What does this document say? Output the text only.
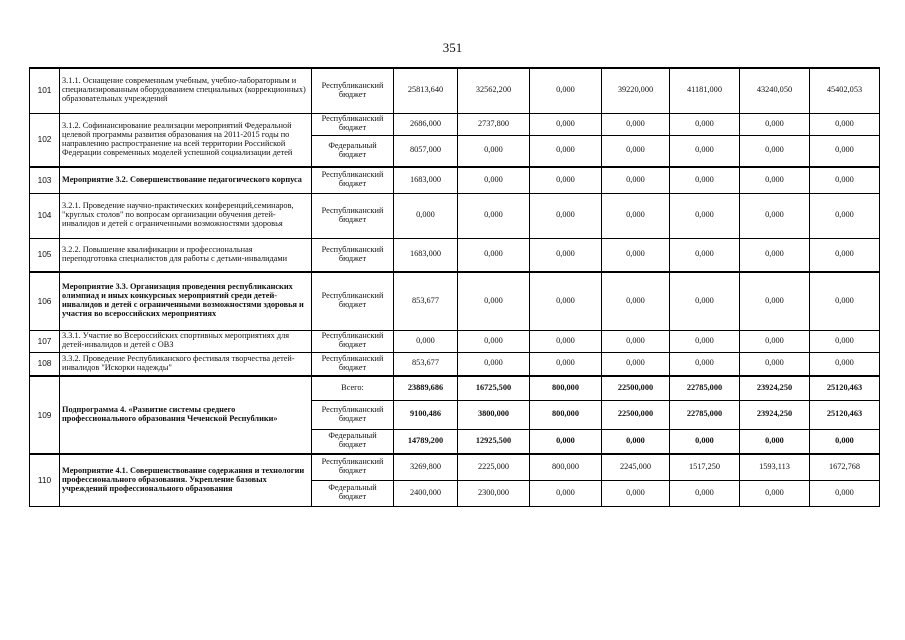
351
101	3.1.1. Оснащение современным учебным, учебно-лабораторным и специализированным оборудованием специальных (коррекционных) образовательных учреждений	Республиканский бюджет	25813,640	32562,200	0,000	39220,000	41181,000	43240,050	45402,053
102	3.1.2. Софинансирование реализации мероприятий Федеральной целевой программы развития образования на 2011-2015 годы по направлению распространение на всей территории Российской Федерации современных моделей успешной социализации детей	Республиканский бюджет	2686,000	2737,800	0,000	0,000	0,000	0,000	0,000
		Федеральный бюджет	8057,000	0,000	0,000	0,000	0,000	0,000	0,000
103	Мероприятие 3.2. Совершенствование педагогического корпуса	Республиканский бюджет	1683,000	0,000	0,000	0,000	0,000	0,000	0,000
104	3.2.1. Проведение научно-практических конференций,семинаров, "круглых столов" по вопросам организации обучения детей-инвалидов и детей с ограниченными возможностями здоровья	Республиканский бюджет	0,000	0,000	0,000	0,000	0,000	0,000	0,000
105	3.2.2. Повышение квалификации и профессиональная переподготовка специалистов для работы с детьми-инвалидами	Республиканский бюджет	1683,000	0,000	0,000	0,000	0,000	0,000	0,000
106	Мероприятие 3.3. Организация проведения республиканских олимпиад и иных конкурсных мероприятий среди детей-инвалидов и детей с ограниченными возможностями здоровья и участия во всероссийских мероприятиях	Республиканский бюджет	853,677	0,000	0,000	0,000	0,000	0,000	0,000
107	3.3.1. Участие во Всероссийских спортивных мероприятиях для детей-инвалидов и детей с ОВЗ	Республиканский бюджет	0,000	0,000	0,000	0,000	0,000	0,000	0,000
108	3.3.2. Проведение Республиканского фестиваля творчества детей-инвалидов "Искорки надежды"	Республиканский бюджет	853,677	0,000	0,000	0,000	0,000	0,000	0,000
109	Подпрограмма 4. «Развитие системы среднего профессионального образования Чеченской Республики»	Всего:	23889,686	16725,500	800,000	22500,000	22785,000	23924,250	25120,463
		Республиканский бюджет	9100,486	3800,000	800,000	22500,000	22785,000	23924,250	25120,463
		Федеральный бюджет	14789,200	12925,500	0,000	0,000	0,000	0,000	0,000
110	Мероприятие 4.1. Совершенствование содержания и технологии профессионального образования. Укрепление базовых учреждений профессионального образования	Республиканский бюджет	3269,800	2225,000	800,000	2245,000	1517,250	1593,113	1672,768
		Федеральный бюджет	2400,000	2300,000	0,000	0,000	0,000	0,000	0,000
